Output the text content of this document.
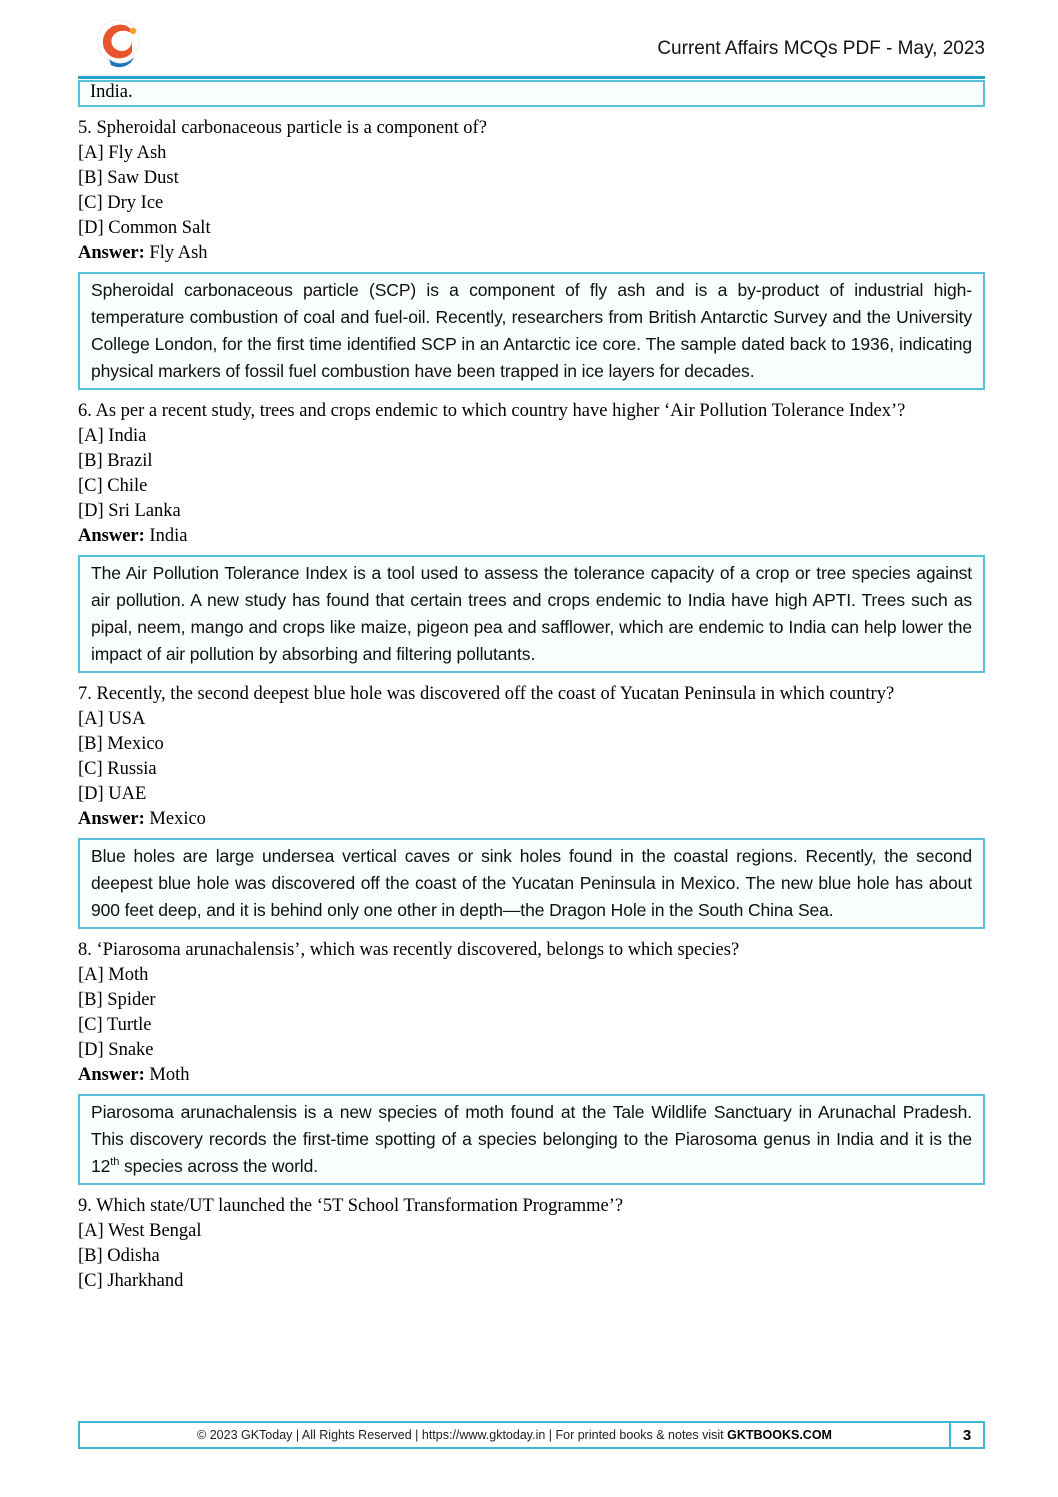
Current Affairs MCQs PDF - May, 2023
India.

5. Spheroidal carbonaceous particle is a component of?

[A] Fly Ash
[B] Saw Dust
[C] Dry Ice
[D] Common Salt
Answer: Fly Ash
Spheroidal carbonaceous particle (SCP) is a component of fly ash and is a by-product of industrial high-temperature combustion of coal and fuel-oil. Recently, researchers from British Antarctic Survey and the University College London, for the first time identified SCP in an Antarctic ice core. The sample dated back to 1936, indicating physical markers of fossil fuel combustion have been trapped in ice layers for decades.

6. As per a recent study, trees and crops endemic to which country have higher ‘Air Pollution Tolerance Index’?

[A] India
[B] Brazil
[C] Chile
[D] Sri Lanka
Answer: India
The Air Pollution Tolerance Index is a tool used to assess the tolerance capacity of a crop or tree species against air pollution. A new study has found that certain trees and crops endemic to India have high APTI. Trees such as pipal, neem, mango and crops like maize, pigeon pea and safflower, which are endemic to India can help lower the impact of air pollution by absorbing and filtering pollutants.

7. Recently, the second deepest blue hole was discovered off the coast of Yucatan Peninsula in which country?

[A] USA
[B] Mexico
[C] Russia
[D] UAE
Answer: Mexico
Blue holes are large undersea vertical caves or sink holes found in the coastal regions. Recently, the second deepest blue hole was discovered off the coast of the Yucatan Peninsula in Mexico. The new blue hole has about 900 feet deep, and it is behind only one other in depth—the Dragon Hole in the South China Sea.

8. ‘Piarosoma arunachalensis’, which was recently discovered, belongs to which species?

[A] Moth
[B] Spider
[C] Turtle
[D] Snake
Answer: Moth
Piarosoma arunachalensis is a new species of moth found at the Tale Wildlife Sanctuary in Arunachal Pradesh. This discovery records the first-time spotting of a species belonging to the Piarosoma genus in India and it is the 12th species across the world.

9. Which state/UT launched the ‘5T School Transformation Programme’?

[A] West Bengal
[B] Odisha
[C] Jharkhand
© 2023 GKToday | All Rights Reserved | https://www.gktoday.in | For printed books & notes visit GKTBOOKS.COM	3
